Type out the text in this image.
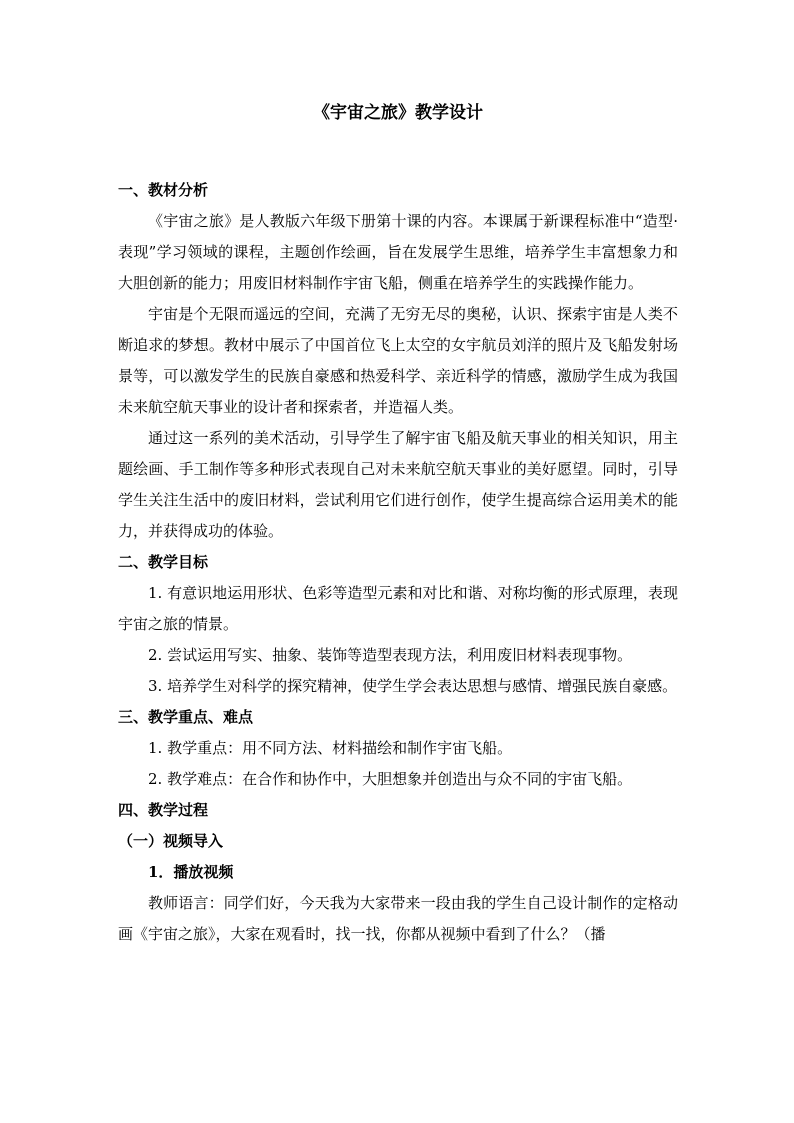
《宇宙之旅》教学设计

一、教材分析

《宇宙之旅》是人教版六年级下册第十课的内容。本课属于新课程标准中“造型·表现”学习领域的课程，主题创作绘画，旨在发展学生思维，培养学生丰富想象力和大胆创新的能力；用废旧材料制作宇宙飞船，侧重在培养学生的实践操作能力。

宇宙是个无限而遥远的空间，充满了无穷无尽的奥秘，认识、探索宇宙是人类不断追求的梦想。教材中展示了中国首位飞上太空的女宇航员刘洋的照片及飞船发射场景等，可以激发学生的民族自豪感和热爱科学、亲近科学的情感，激励学生成为我国未来航空航天事业的设计者和探索者，并造福人类。

通过这一系列的美术活动，引导学生了解宇宙飞船及航天事业的相关知识，用主题绘画、手工制作等多种形式表现自己对未来航空航天事业的美好愿望。同时，引导学生关注生活中的废旧材料，尝试利用它们进行创作，使学生提高综合运用美术的能力，并获得成功的体验。

二、教学目标

1. 有意识地运用形状、色彩等造型元素和对比和谐、对称均衡的形式原理，表现宇宙之旅的情景。

2. 尝试运用写实、抽象、装饰等造型表现方法，利用废旧材料表现事物。

3. 培养学生对科学的探究精神，使学生学会表达思想与感情、增强民族自豪感。

三、教学重点、难点

1. 教学重点：用不同方法、材料描绘和制作宇宙飞船。

2. 教学难点：在合作和协作中，大胆想象并创造出与众不同的宇宙飞船。

四、教学过程

（一）视频导入

1．播放视频

教师语言：同学们好，今天我为大家带来一段由我的学生自己设计制作的定格动画《宇宙之旅》，大家在观看时，找一找，你都从视频中看到了什么？（播
